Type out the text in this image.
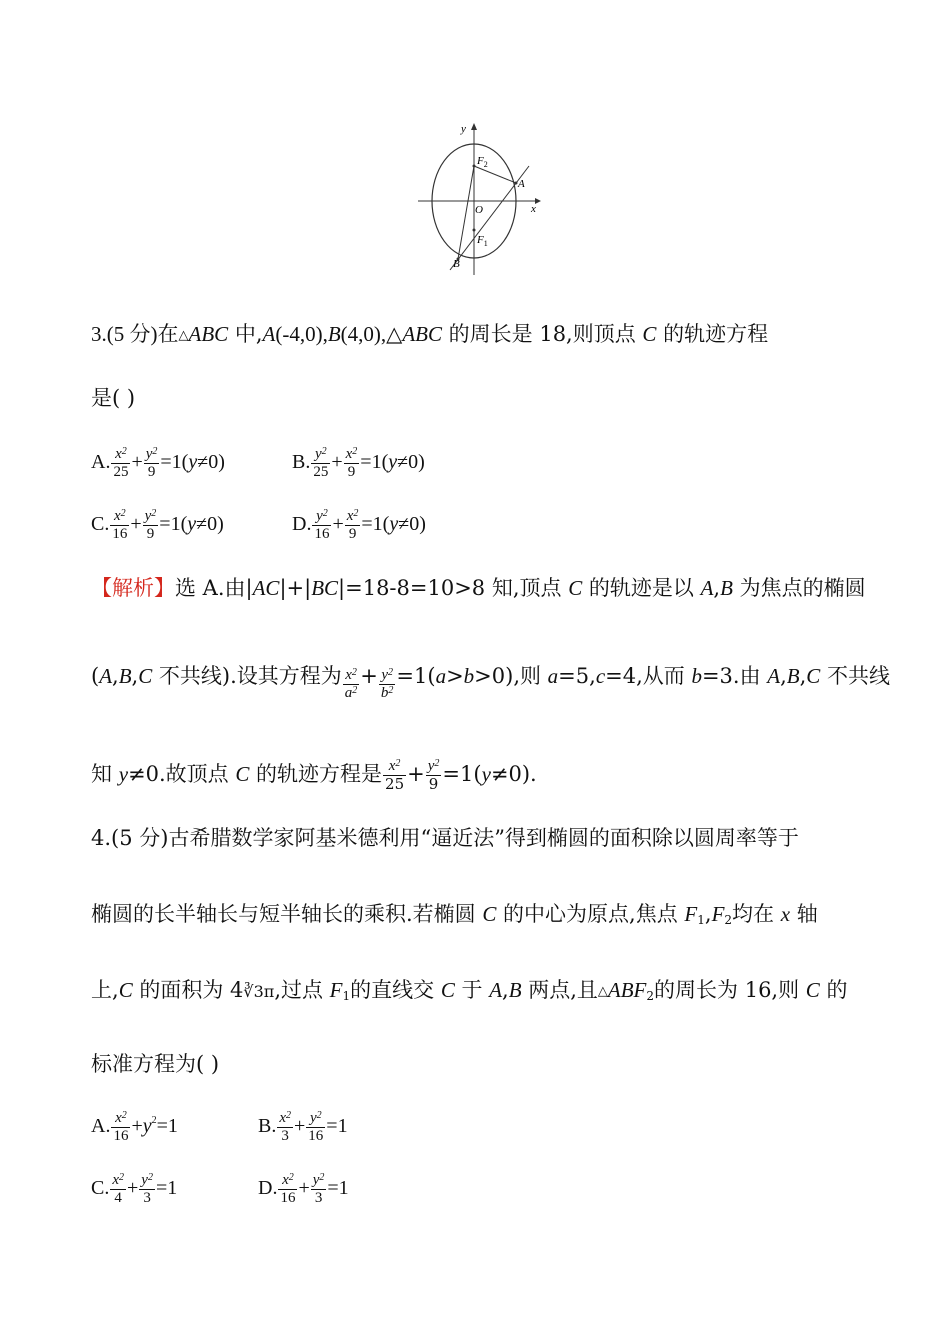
y
x
O
$F_2$
$F_1$
A
B
3.(5 分)在△ABC 中,A(-4,0),B(4,0),△ABC 的周长是 18,则顶点 C 的轨迹方程
是( )
A. $\frac{x^2}{25} + \frac{y^2}{9} =1(y\ne 0)$	B. $\frac{y^2}{25} + \frac{x^2}{9} =1(y\ne 0)$
C. $\frac{x^2}{16} + \frac{y^2}{9} =1(y\ne 0)$	D. $\frac{y^2}{16} + \frac{x^2}{9} =1(y\ne 0)$
【解析】选 A.由|AC|+|BC|=18-8=10>8 知,顶点 C 的轨迹是以 A,B 为焦点的椭圆
(A,B,C 不共线).设其方程为 $\frac{x^2}{a^2} + \frac{y^2}{b^2} =1(a>b>0)$,则 a=5,c=4,从而 b=3.由 A,B,C 不共线
知 y≠0.故顶点 C 的轨迹方程是 $\frac{x^2}{25} + \frac{y^2}{9} =1(y\ne 0)$.
4.(5 分)古希腊数学家阿基米德利用“逼近法”得到椭圆的面积除以圆周率等于
椭圆的长半轴长与短半轴长的乘积.若椭圆 C 的中心为原点,焦点 $F_1,F_2$均在 x 轴
上,C 的面积为 4∛3π,过点 $F_1$的直线交 C 于 A,B 两点,且$\triangle ABF_2$的周长为 16,则 C 的
标准方程为( )
A. $\frac{x^2}{16} +y^2=1$	B. $\frac{x^2}{3} + \frac{y^2}{16} =1$
C. $\frac{x^2}{4} + \frac{y^2}{3} =1$	D. $\frac{x^2}{16} + \frac{y^2}{3} =1$
